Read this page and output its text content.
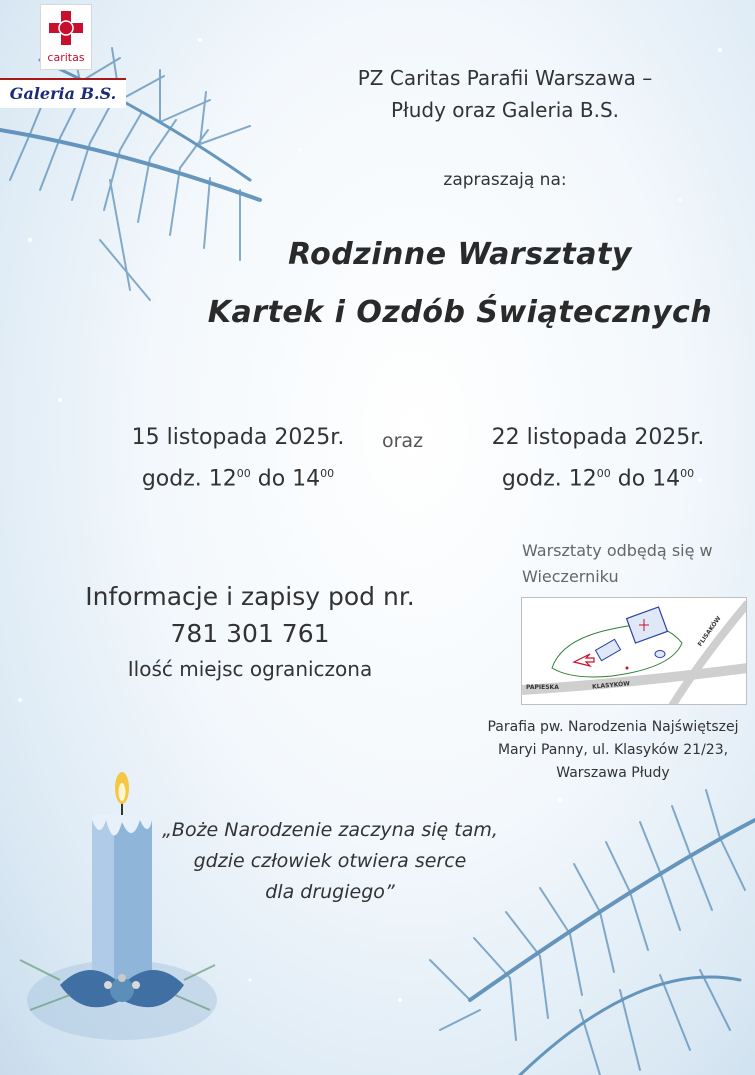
caritas
Galeria B.S.
PZ Caritas Parafii Warszawa –
Płudy oraz Galeria B.S.
zapraszają na:
Rodzinne Warsztaty
Kartek i Ozdób Świątecznych
15 listopada 2025r.
godz. $12^{00}$ do $14^{00}$
oraz	22 listopada 2025r.
godz. $12^{00}$ do $14^{00}$
Informacje i zapisy pod nr.
781 301 761
Ilość miejsc ograniczona
Warsztaty odbędą się w
Wieczerniku
PAPIESKA	KLASYKÓW
FLISAKÓW
Parafia pw. Narodzenia Najświętszej
Maryi Panny, ul. Klasyków 21/23,
Warszawa Płudy
„Boże Narodzenie zaczyna się tam,
gdzie człowiek otwiera serce
dla drugiego”
